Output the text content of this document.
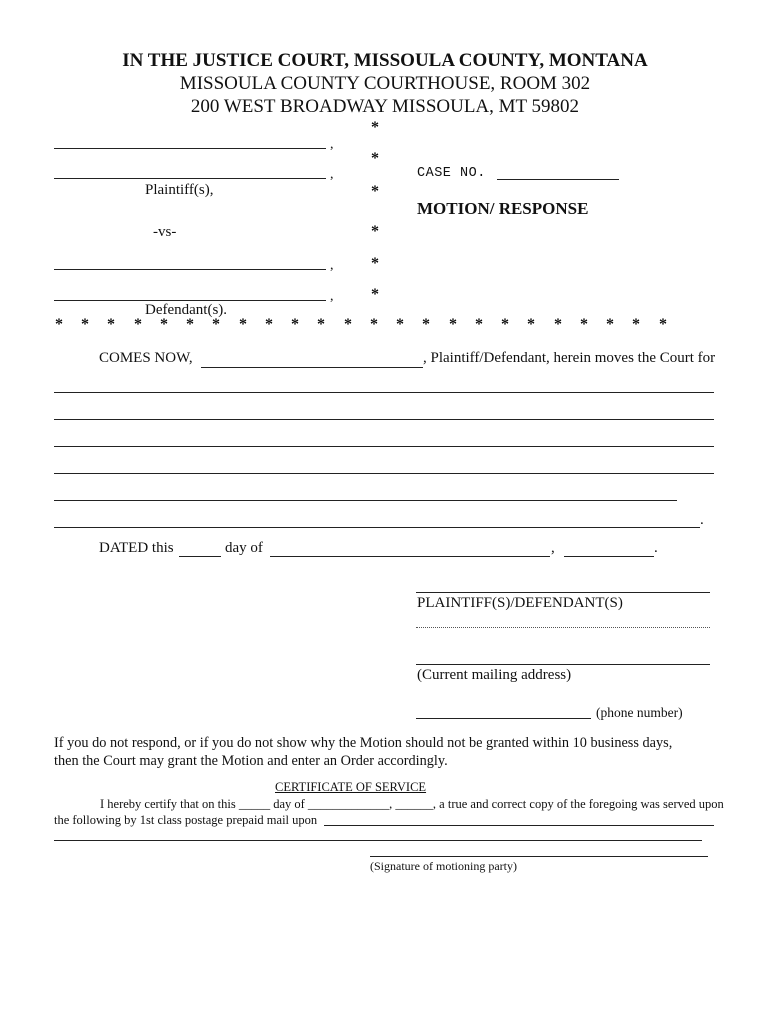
IN THE JUSTICE COURT, MISSOULA COUNTY, MONTANA
MISSOULA COUNTY COURTHOUSE, ROOM 302
200 WEST BROADWAY MISSOULA, MT 59802
,
,
Plaintiff(s),
-vs-
,
,
Defendant(s).
*
*
*
*
*
*
CASE NO.
MOTION/ RESPONSE
* * * * * * * * * * * * * * * * * * * * * * * *
COMES NOW,	, Plaintiff/Defendant, herein moves the Court for
.
DATED this	day of	,	.
PLAINTIFF(S)/DEFENDANT(S)
(Current mailing address)
(phone number)
If you do not respond, or if you do not show why the Motion should not be granted within 10 business days,
then the Court may grant the Motion and enter an Order accordingly.
CERTIFICATE OF SERVICE
I hereby certify that on this _____ day of _____________, ______, a true and correct copy of the foregoing was served upon
the following by 1st class postage prepaid mail upon
(Signature of motioning party)
